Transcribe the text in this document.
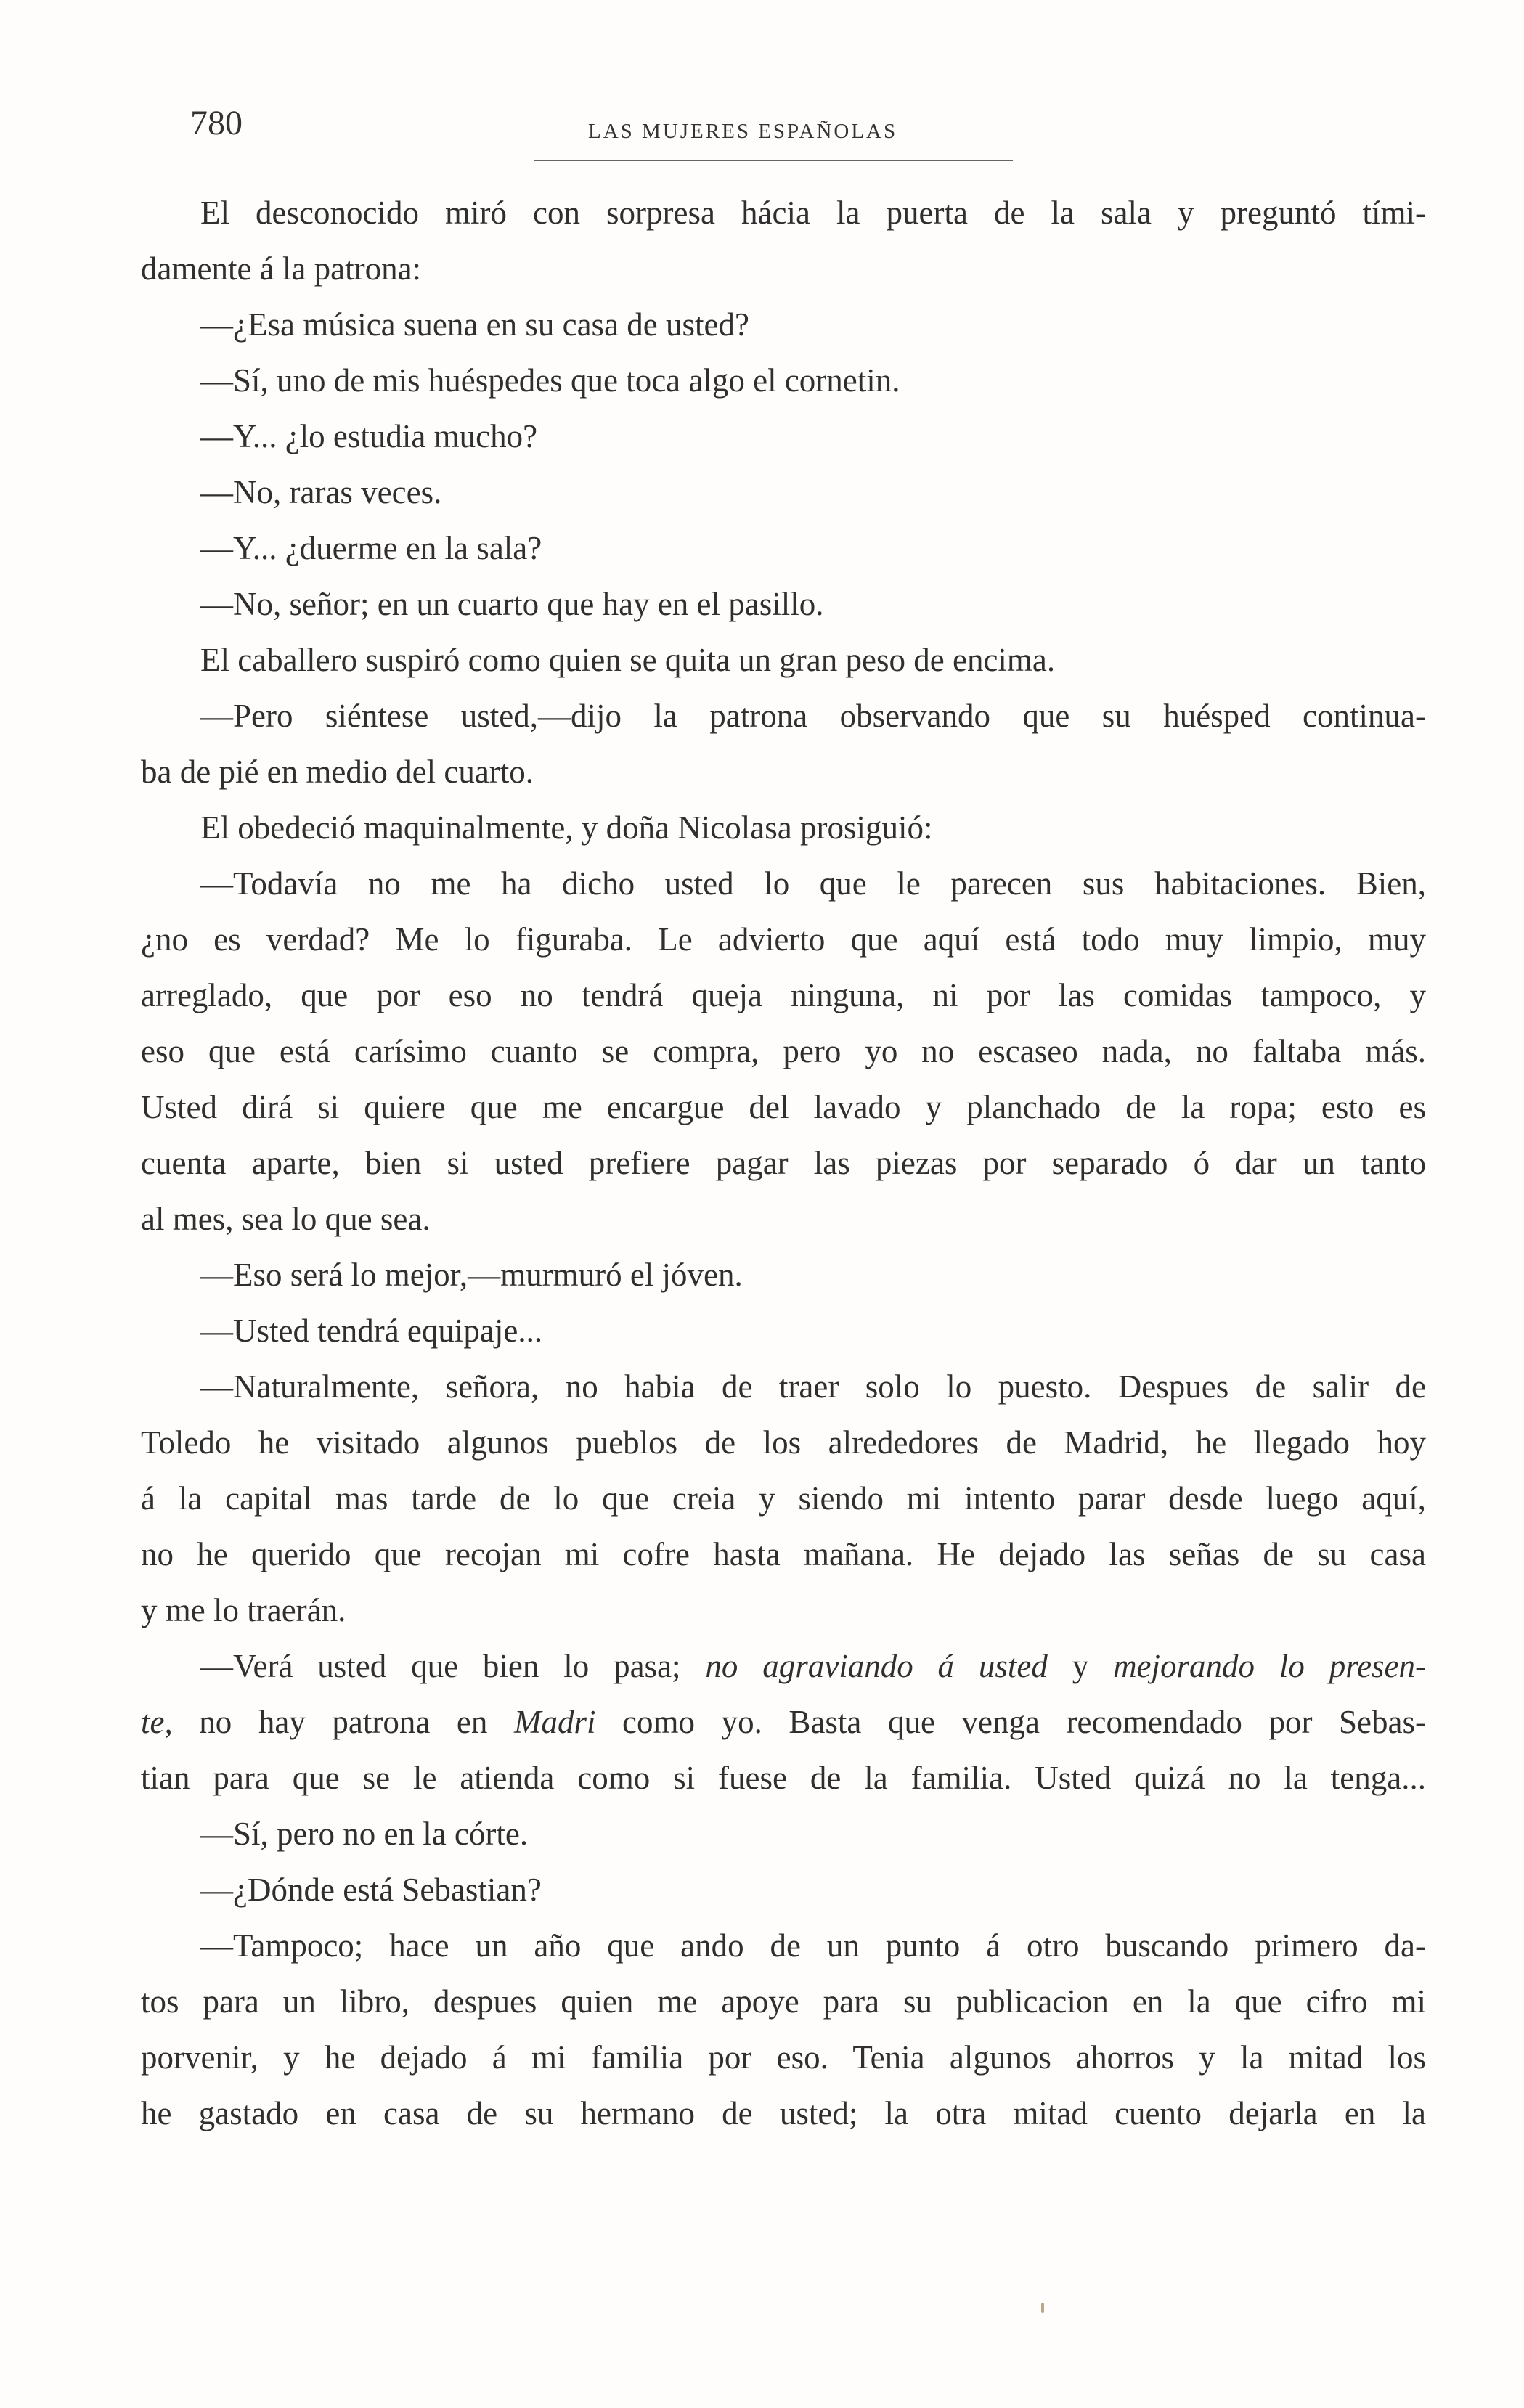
780	LAS MUJERES ESPAÑOLAS
El desconocido miró con sorpresa hácia la puerta de la sala y preguntó tími-
damente á la patrona:
—¿Esa música suena en su casa de usted?
—Sí, uno de mis huéspedes que toca algo el cornetin.
—Y... ¿lo estudia mucho?
—No, raras veces.
—Y... ¿duerme en la sala?
—No, señor; en un cuarto que hay en el pasillo.
El caballero suspiró como quien se quita un gran peso de encima.
—Pero siéntese usted,—dijo la patrona observando que su huésped continua-
ba de pié en medio del cuarto.
El obedeció maquinalmente, y doña Nicolasa prosiguió:
—Todavía no me ha dicho usted lo que le parecen sus habitaciones. Bien,
¿no es verdad? Me lo figuraba. Le advierto que aquí está todo muy limpio, muy
arreglado, que por eso no tendrá queja ninguna, ni por las comidas tampoco, y
eso que está carísimo cuanto se compra, pero yo no escaseo nada, no faltaba más.
Usted dirá si quiere que me encargue del lavado y planchado de la ropa; esto es
cuenta aparte, bien si usted prefiere pagar las piezas por separado ó dar un tanto
al mes, sea lo que sea.
—Eso será lo mejor,—murmuró el jóven.
—Usted tendrá equipaje...
—Naturalmente, señora, no habia de traer solo lo puesto. Despues de salir de
Toledo he visitado algunos pueblos de los alrededores de Madrid, he llegado hoy
á la capital mas tarde de lo que creia y siendo mi intento parar desde luego aquí,
no he querido que recojan mi cofre hasta mañana. He dejado las señas de su casa
y me lo traerán.
—Verá usted que bien lo pasa; no agraviando á usted y mejorando lo presen-
te, no hay patrona en Madri como yo. Basta que venga recomendado por Sebas-
tian para que se le atienda como si fuese de la familia. Usted quizá no la tenga...
—Sí, pero no en la córte.
—¿Dónde está Sebastian?
—Tampoco; hace un año que ando de un punto á otro buscando primero da-
tos para un libro, despues quien me apoye para su publicacion en la que cifro mi
porvenir, y he dejado á mi familia por eso. Tenia algunos ahorros y la mitad los
he gastado en casa de su hermano de usted; la otra mitad cuento dejarla en la
